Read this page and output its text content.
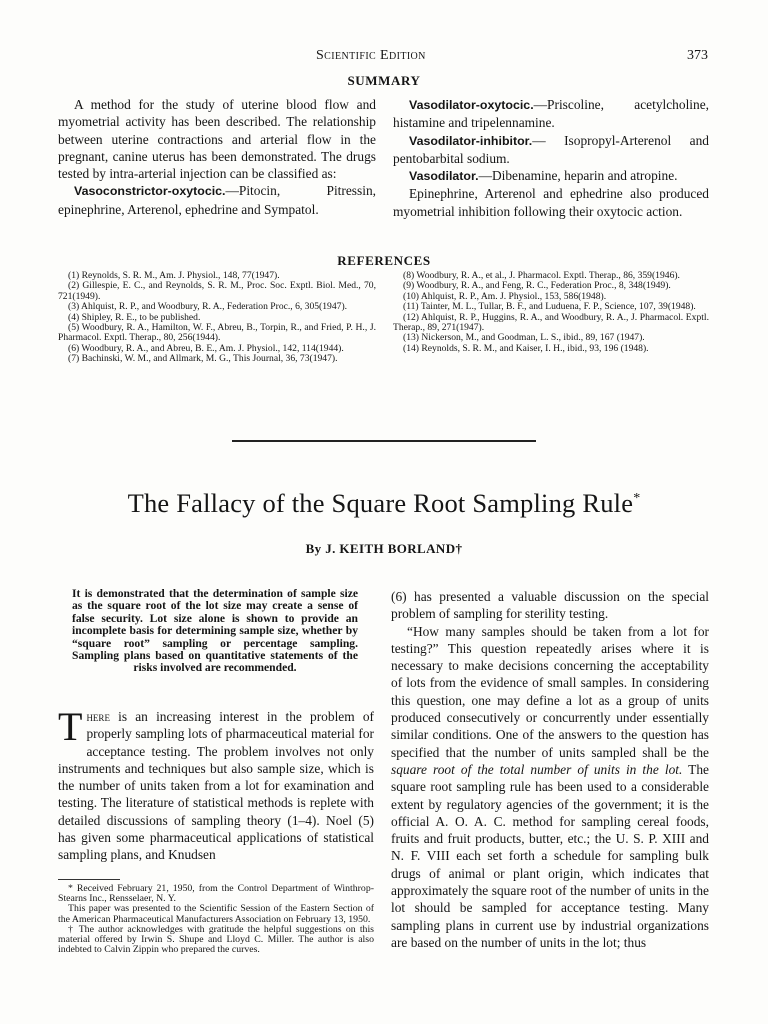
Scientific Edition	373
SUMMARY

A method for the study of uterine blood flow and myometrial activity has been described. The relationship between uterine contractions and arterial flow in the pregnant, canine uterus has been demonstrated. The drugs tested by intra-arterial injection can be classified as:

Vasoconstrictor-oxytocic.—Pitocin, Pitressin, epinephrine, Arterenol, ephedrine and Sympatol.

Vasodilator-oxytocic.—Priscoline, acetylcholine, histamine and tripelennamine.

Vasodilator-inhibitor.— Isopropyl-Arterenol and pentobarbital sodium.

Vasodilator.—Dibenamine, heparin and atropine.

Epinephrine, Arterenol and ephedrine also produced myometrial inhibition following their oxytocic action.

REFERENCES

(1) Reynolds, S. R. M., Am. J. Physiol., 148, 77(1947).

(2) Gillespie, E. C., and Reynolds, S. R. M., Proc. Soc. Exptl. Biol. Med., 70, 721(1949).

(3) Ahlquist, R. P., and Woodbury, R. A., Federation Proc., 6, 305(1947).

(4) Shipley, R. E., to be published.

(5) Woodbury, R. A., Hamilton, W. F., Abreu, B., Torpin, R., and Fried, P. H., J. Pharmacol. Exptl. Therap., 80, 256(1944).

(6) Woodbury, R. A., and Abreu, B. E., Am. J. Physiol., 142, 114(1944).

(7) Bachinski, W. M., and Allmark, M. G., This Journal, 36, 73(1947).

(8) Woodbury, R. A., et al., J. Pharmacol. Exptl. Therap., 86, 359(1946).

(9) Woodbury, R. A., and Feng, R. C., Federation Proc., 8, 348(1949).

(10) Ahlquist, R. P., Am. J. Physiol., 153, 586(1948).

(11) Tainter, M. L., Tullar, B. F., and Luduena, F. P., Science, 107, 39(1948).

(12) Ahlquist, R. P., Huggins, R. A., and Woodbury, R. A., J. Pharmacol. Exptl. Therap., 89, 271(1947).

(13) Nickerson, M., and Goodman, L. S., ibid., 89, 167 (1947).

(14) Reynolds, S. R. M., and Kaiser, I. H., ibid., 93, 196 (1948).

The Fallacy of the Square Root Sampling Rule*
By J. KEITH BORLAND†
It is demonstrated that the determination of sample size as the square root of the lot size may create a sense of false security. Lot size alone is shown to provide an incomplete basis for determining sample size, whether by “square root” sampling or percentage sampling. Sampling plans based on quantitative statements of the risks involved are recommended.

There is an increasing interest in the problem of properly sampling lots of pharmaceutical material for acceptance testing. The problem involves not only instruments and techniques but also sample size, which is the number of units taken from a lot for examination and testing. The literature of statistical methods is replete with detailed discussions of sampling theory (1–4). Noel (5) has given some pharmaceutical applications of statistical sampling plans, and Knudsen

* Received February 21, 1950, from the Control Department of Winthrop-Stearns Inc., Rensselaer, N. Y.

This paper was presented to the Scientific Session of the Eastern Section of the American Pharmaceutical Manufacturers Association on February 13, 1950.

† The author acknowledges with gratitude the helpful suggestions on this material offered by Irwin S. Shupe and Lloyd C. Miller. The author is also indebted to Calvin Zippin who prepared the curves.

(6) has presented a valuable discussion on the special problem of sampling for sterility testing.

“How many samples should be taken from a lot for testing?” This question repeatedly arises where it is necessary to make decisions concerning the acceptability of lots from the evidence of small samples. In considering this question, one may define a lot as a group of units produced consecutively or concurrently under essentially similar conditions. One of the answers to the question has specified that the number of units sampled shall be the square root of the total number of units in the lot. The square root sampling rule has been used to a considerable extent by regulatory agencies of the government; it is the official A. O. A. C. method for sampling cereal foods, fruits and fruit products, butter, etc.; the U. S. P. XIII and N. F. VIII each set forth a schedule for sampling bulk drugs of animal or plant origin, which indicates that approximately the square root of the number of units in the lot should be sampled for acceptance testing. Many sampling plans in current use by industrial organizations are based on the number of units in the lot; thus
